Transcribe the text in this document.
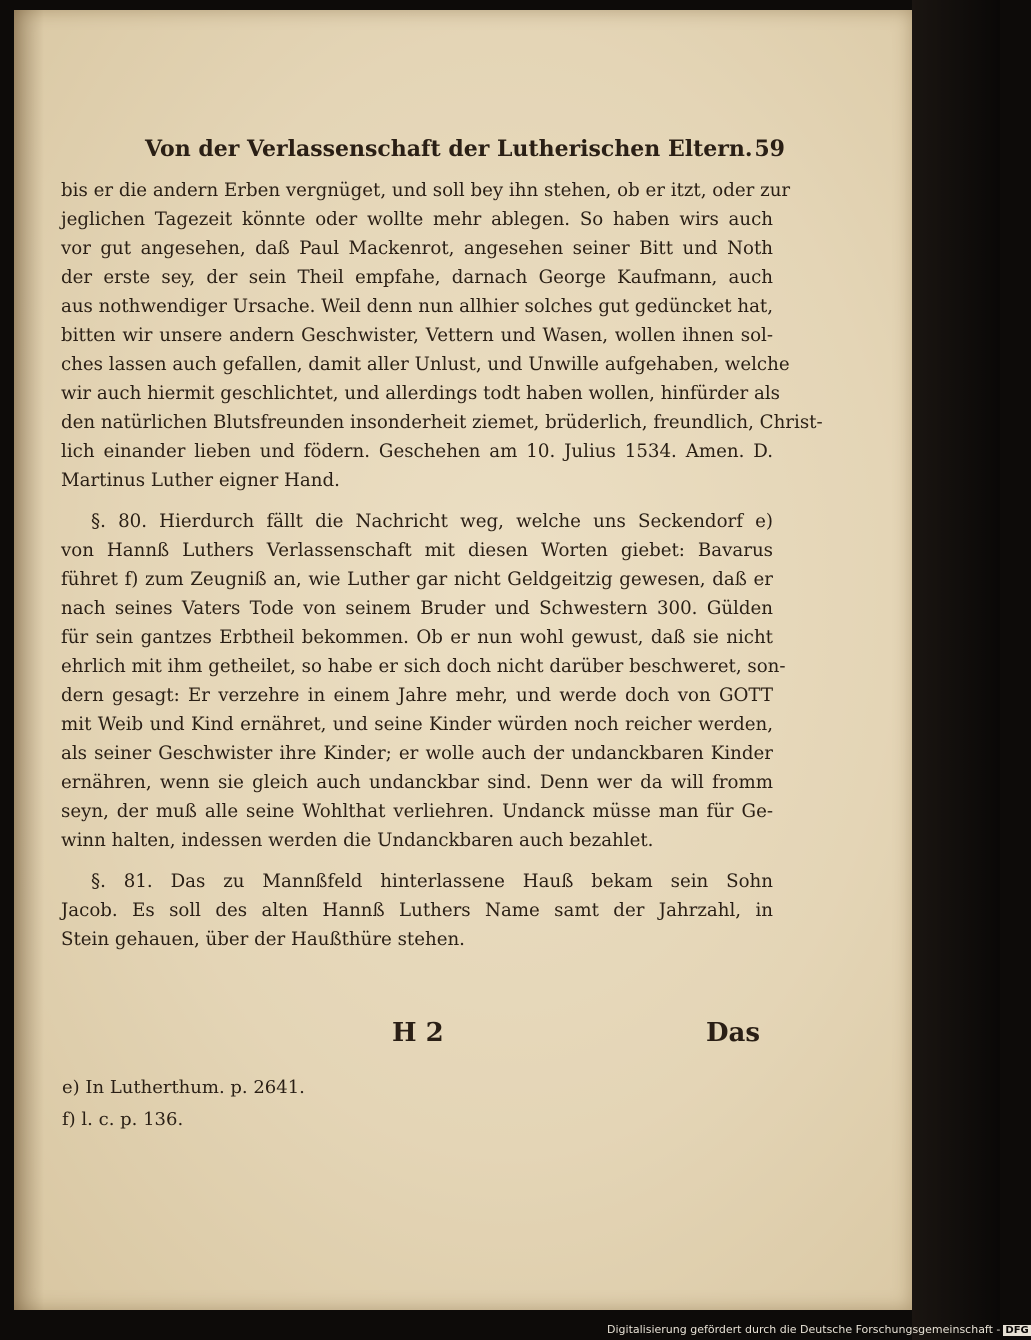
Von der Verlassenschaft der Lutherischen Eltern. 59
bis er die andern Erben vergnüget, und soll bey ihn stehen, ob er itzt, oder zur
jeglichen Tagezeit könnte oder wollte mehr ablegen. So haben wirs auch
vor gut angesehen, daß Paul Mackenrot, angesehen seiner Bitt und Noth
der erste sey, der sein Theil empfahe, darnach George Kaufmann, auch
aus nothwendiger Ursache. Weil denn nun allhier solches gut gedüncket hat,
bitten wir unsere andern Geschwister, Vettern und Wasen, wollen ihnen sol-
ches lassen auch gefallen, damit aller Unlust, und Unwille aufgehaben, welche
wir auch hiermit geschlichtet, und allerdings todt haben wollen, hinfürder als
den natürlichen Blutsfreunden insonderheit ziemet, brüderlich, freundlich, Christ-
lich einander lieben und födern. Geschehen am 10. Julius 1534. Amen. D.
Martinus Luther eigner Hand.
§. 80. Hierdurch fällt die Nachricht weg, welche uns Seckendorf e)
von Hannß Luthers Verlassenschaft mit diesen Worten giebet: Bavarus
führet f) zum Zeugniß an, wie Luther gar nicht Geldgeitzig gewesen, daß er
nach seines Vaters Tode von seinem Bruder und Schwestern 300. Gülden
für sein gantzes Erbtheil bekommen. Ob er nun wohl gewust, daß sie nicht
ehrlich mit ihm getheilet, so habe er sich doch nicht darüber beschweret, son-
dern gesagt: Er verzehre in einem Jahre mehr, und werde doch von GOTT
mit Weib und Kind ernähret, und seine Kinder würden noch reicher werden,
als seiner Geschwister ihre Kinder; er wolle auch der undanckbaren Kinder
ernähren, wenn sie gleich auch undanckbar sind. Denn wer da will fromm
seyn, der muß alle seine Wohlthat verliehren. Undanck müsse man für Ge-
winn halten, indessen werden die Undanckbaren auch bezahlet.
§. 81. Das zu Mannßfeld hinterlassene Hauß bekam sein Sohn
Jacob. Es soll des alten Hannß Luthers Name samt der Jahrzahl, in
Stein gehauen, über der Haußthüre stehen.
H 2	Das
e) In Lutherthum. p. 2641.
f) l. c. p. 136.
Digitalisierung gefördert durch die Deutsche Forschungsgemeinschaft - DFG
